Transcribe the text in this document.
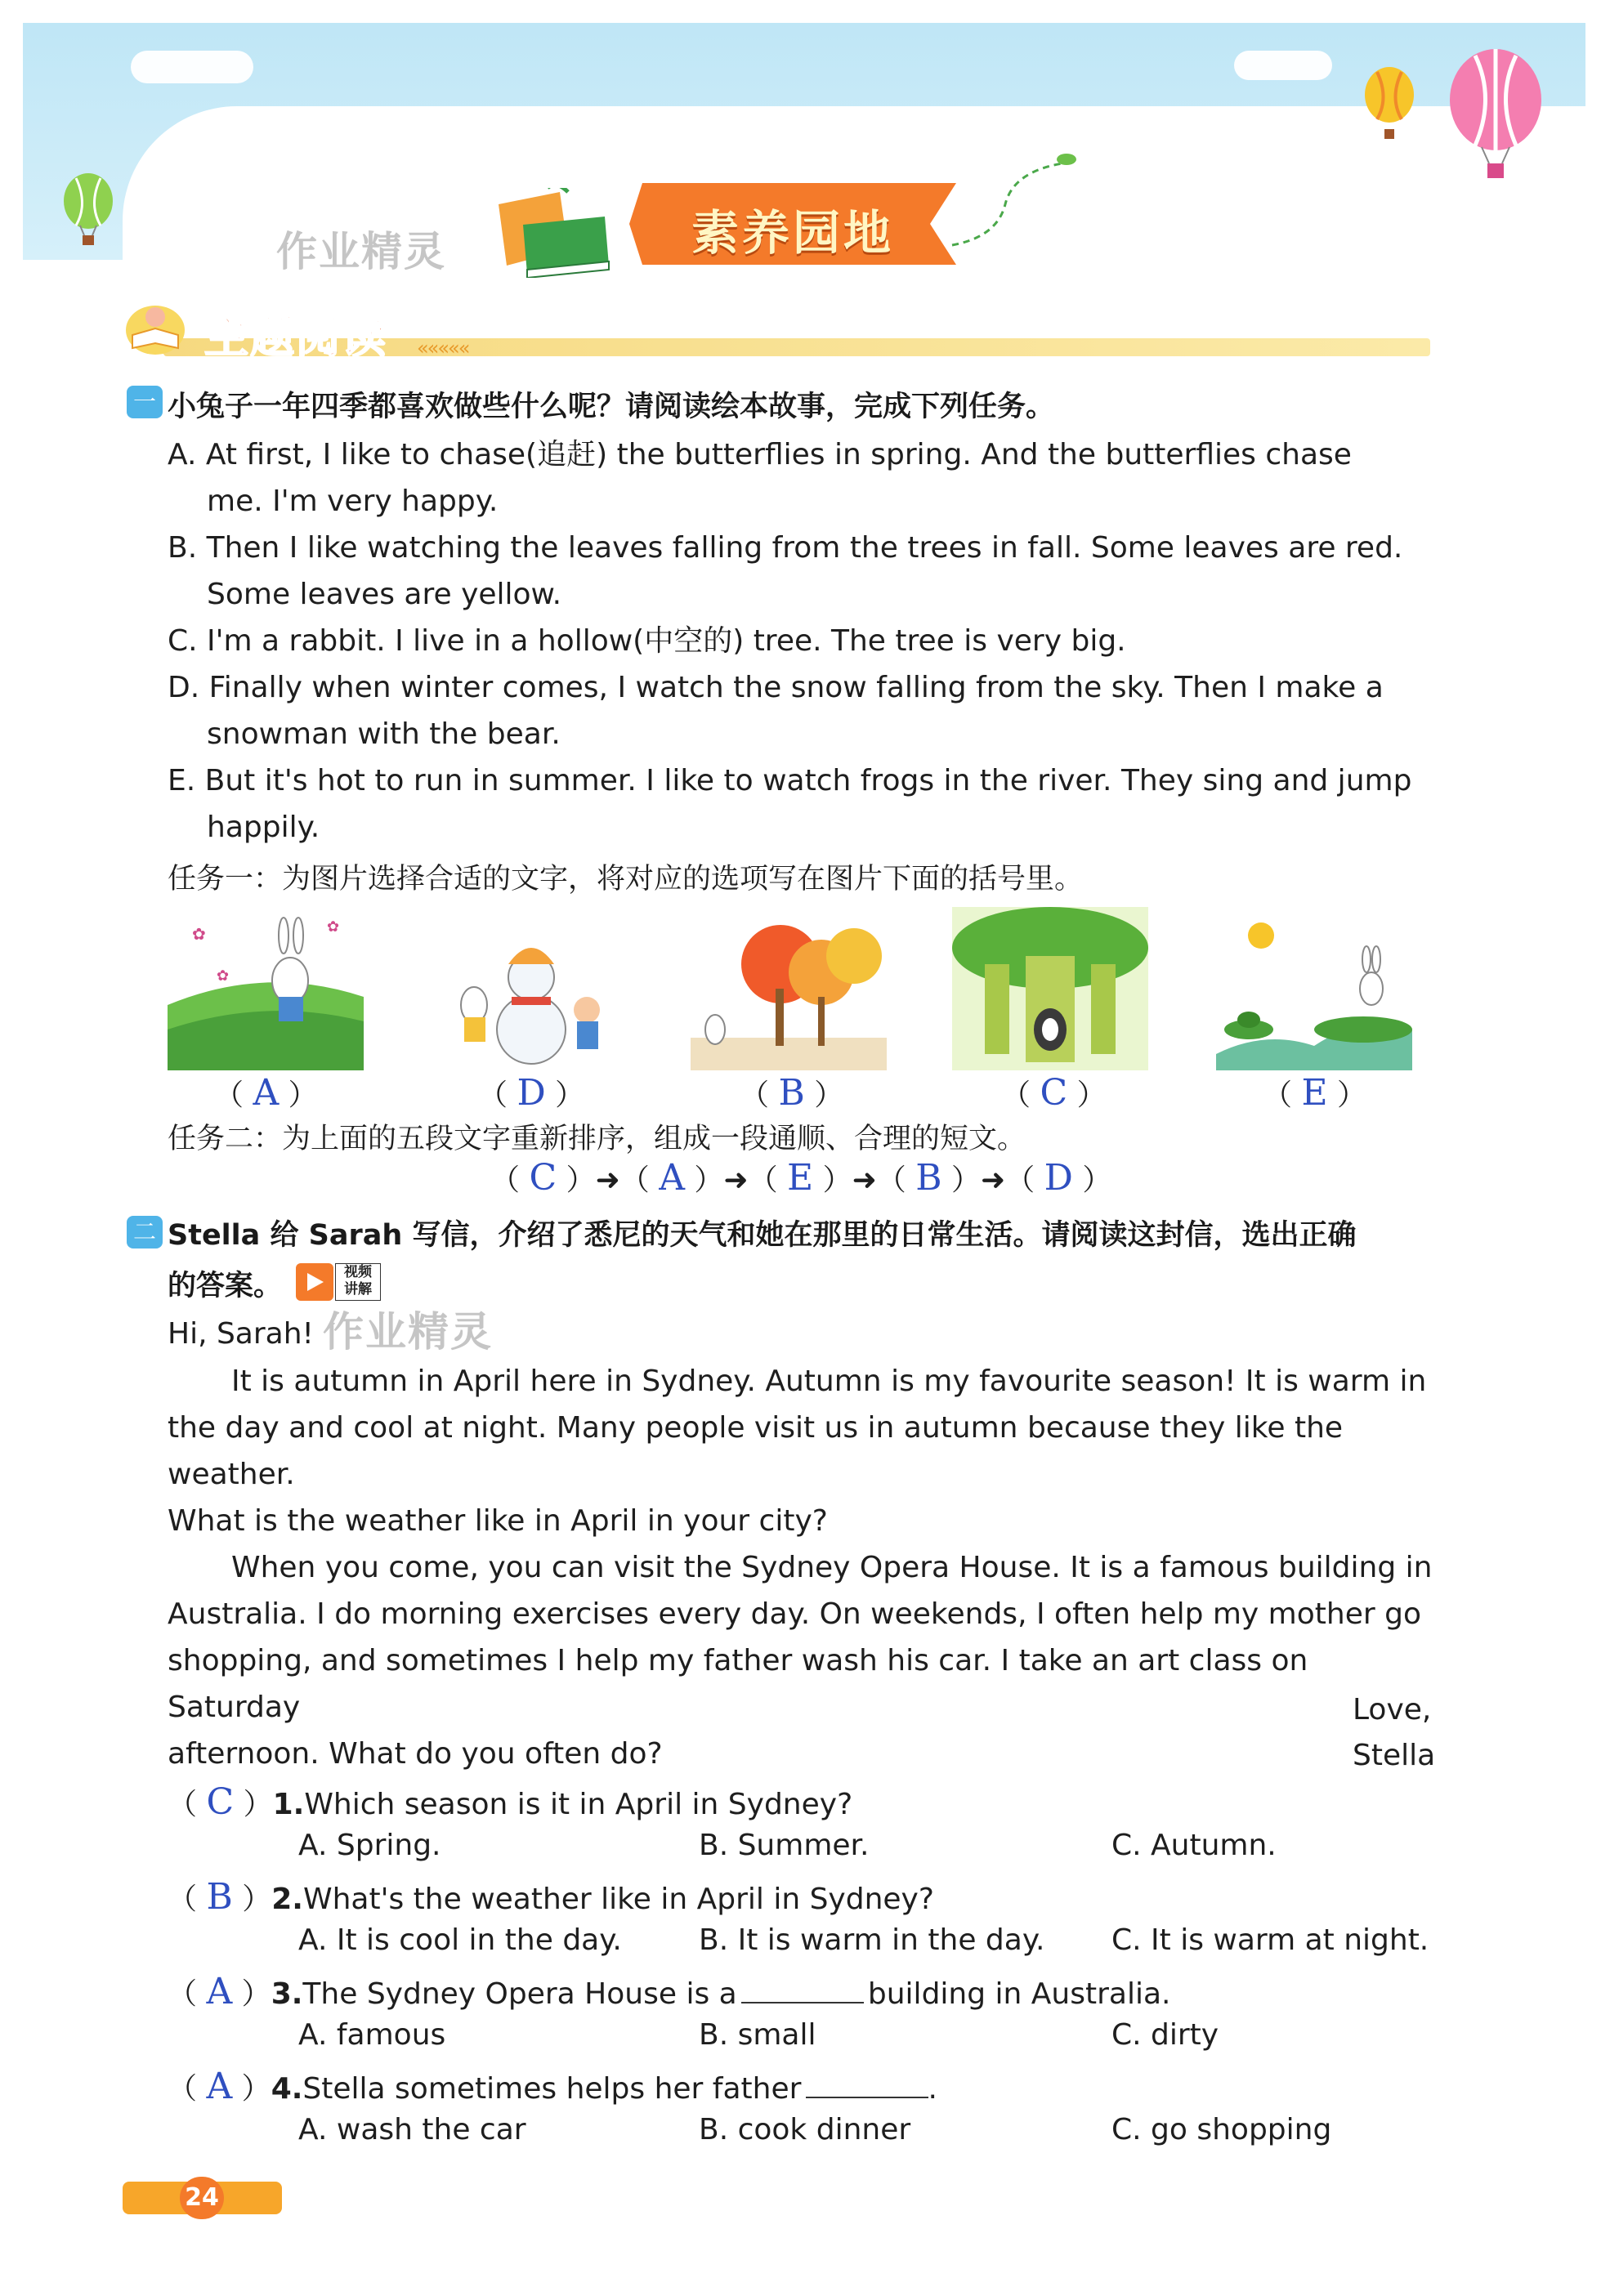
素养园地
作业精灵
主题阅读 «««««
一 小兔子一年四季都喜欢做些什么呢？请阅读绘本故事，完成下列任务。
A. At first, I like to chase(追赶) the butterflies in spring. And the butterflies chase
me. I'm very happy.
B. Then I like watching the leaves falling from the trees in fall. Some leaves are red.
Some leaves are yellow.
C. I'm a rabbit. I live in a hollow(中空的) tree. The tree is very big.
D. Finally when winter comes, I watch the snow falling from the sky. Then I make a
snowman with the bear.
E. But it's hot to run in summer. I like to watch frogs in the river. They sing and jump
happily.
任务一：为图片选择合适的文字，将对应的选项写在图片下面的括号里。
✿	✿
✿
（ A ）	（ D ）	（ B ）	（ C ）	（ E ）
任务二：为上面的五段文字重新排序，组成一段通顺、合理的短文。
（ C ）➜（ A ）➜（ E ）➜（ B ）➜（ D ）
二 Stella 给 Sarah 写信，介绍了悉尼的天气和她在那里的日常生活。请阅读这封信，选出正确
的答案。	视频
讲解
Hi, Sarah! 作业精灵
It is autumn in April here in Sydney. Autumn is my favourite season! It is warm in
the day and cool at night. Many people visit us in autumn because they like the weather.
What is the weather like in April in your city?
When you come, you can visit the Sydney Opera House. It is a famous building in
Australia. I do morning exercises every day. On weekends, I often help my mother go
shopping, and sometimes I help my father wash his car. I take an art class on Saturday
afternoon. What do you often do?
Love,
Stella
（ C ）1.Which season is it in April in Sydney?
A. Spring.	B. Summer.	C. Autumn.
（ B ）2.What's the weather like in April in Sydney?
A. It is cool in the day.	B. It is warm in the day. C. It is warm at night.
（ A ）3.The Sydney Opera House is a	building in Australia.
A. famous	B. small	C. dirty
（ A ）4.Stella sometimes helps her father	.
A. wash the car	B. cook dinner	C. go shopping
24
